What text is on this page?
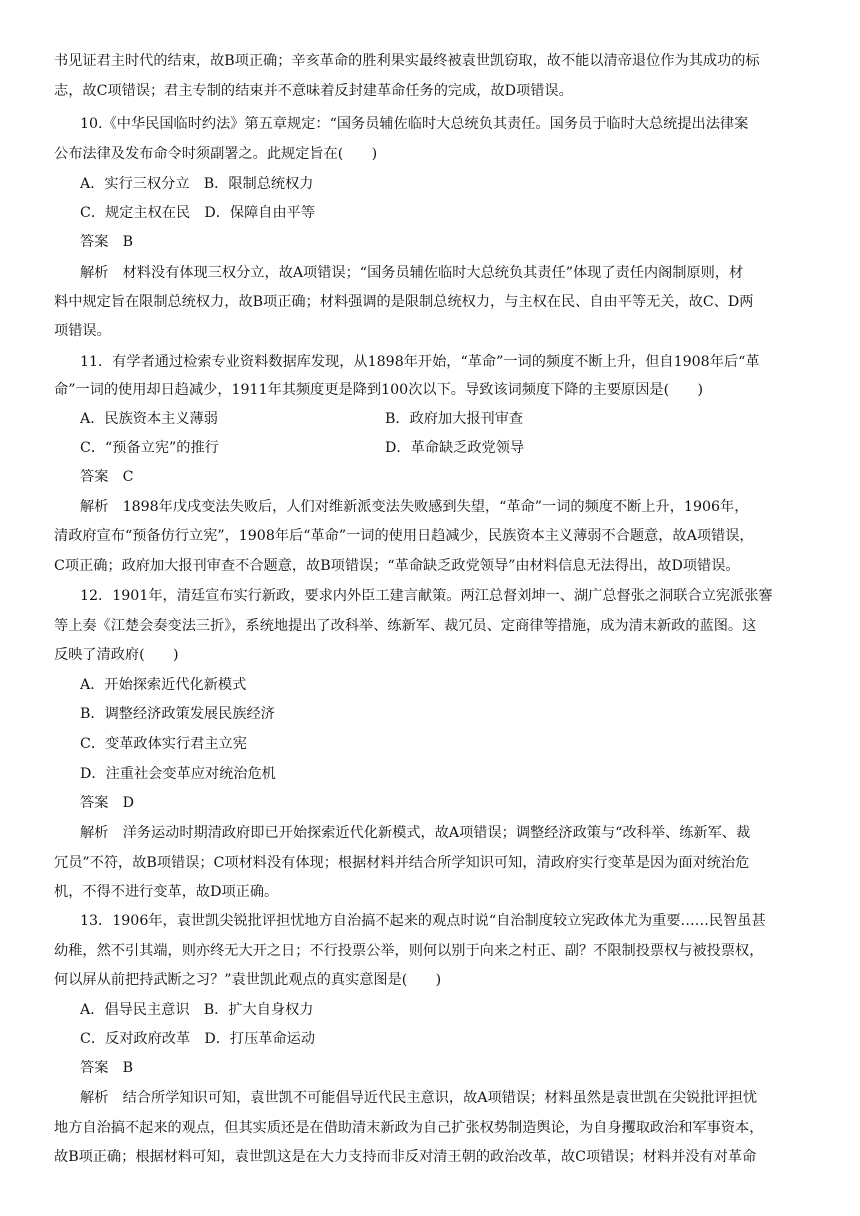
书见证君主时代的结束，故B项正确；辛亥革命的胜利果实最终被袁世凯窃取，故不能以清帝退位作为其成功的标
志，故C项错误；君主专制的结束并不意味着反封建革命任务的完成，故D项错误。
10.《中华民国临时约法》第五章规定：“国务员辅佐临时大总统负其责任。国务员于临时大总统提出法律案
公布法律及发布命令时须副署之。此规定旨在(　　)
A．实行三权分立　B．限制总统权力
C．规定主权在民　D．保障自由平等
答案　B
解析　材料没有体现三权分立，故A项错误；“国务员辅佐临时大总统负其责任”体现了责任内阁制原则，材
料中规定旨在限制总统权力，故B项正确；材料强调的是限制总统权力，与主权在民、自由平等无关，故C、D两
项错误。
11．有学者通过检索专业资料数据库发现，从1898年开始，“革命”一词的频度不断上升，但自1908年后“革
命”一词的使用却日趋减少，1911年其频度更是降到100次以下。导致该词频度下降的主要原因是(　　)
A．民族资本主义薄弱	B．政府加大报刊审查
C．“预备立宪”的推行	D．革命缺乏政党领导
答案　C
解析　1898年戊戌变法失败后，人们对维新派变法失败感到失望，“革命”一词的频度不断上升，1906年，
清政府宣布“预备仿行立宪”，1908年后“革命”一词的使用日趋减少，民族资本主义薄弱不合题意，故A项错误，
C项正确；政府加大报刊审查不合题意，故B项错误；“革命缺乏政党领导”由材料信息无法得出，故D项错误。
12．1901年，清廷宣布实行新政，要求内外臣工建言献策。两江总督刘坤一、湖广总督张之洞联合立宪派张謇
等上奏《江楚会奏变法三折》，系统地提出了改科举、练新军、裁冗员、定商律等措施，成为清末新政的蓝图。这
反映了清政府(　　)
A．开始探索近代化新模式
B．调整经济政策发展民族经济
C．变革政体实行君主立宪
D．注重社会变革应对统治危机
答案　D
解析　洋务运动时期清政府即已开始探索近代化新模式，故A项错误；调整经济政策与“改科举、练新军、裁
冗员”不符，故B项错误；C项材料没有体现；根据材料并结合所学知识可知，清政府实行变革是因为面对统治危
机，不得不进行变革，故D项正确。
13．1906年，袁世凯尖锐批评担忧地方自治搞不起来的观点时说“自治制度较立宪政体尤为重要……民智虽甚
幼稚，然不引其端，则亦终无大开之日；不行投票公举，则何以别于向来之村正、副？不限制投票权与被投票权，
何以屏从前把持武断之习？”袁世凯此观点的真实意图是(　　)
A．倡导民主意识　B．扩大自身权力
C．反对政府改革　D．打压革命运动
答案　B
解析　结合所学知识可知，袁世凯不可能倡导近代民主意识，故A项错误；材料虽然是袁世凯在尖锐批评担忧
地方自治搞不起来的观点，但其实质还是在借助清末新政为自己扩张权势制造舆论，为自身攫取政治和军事资本，
故B项正确；根据材料可知，袁世凯这是在大力支持而非反对清王朝的政治改革，故C项错误；材料并没有对革命
